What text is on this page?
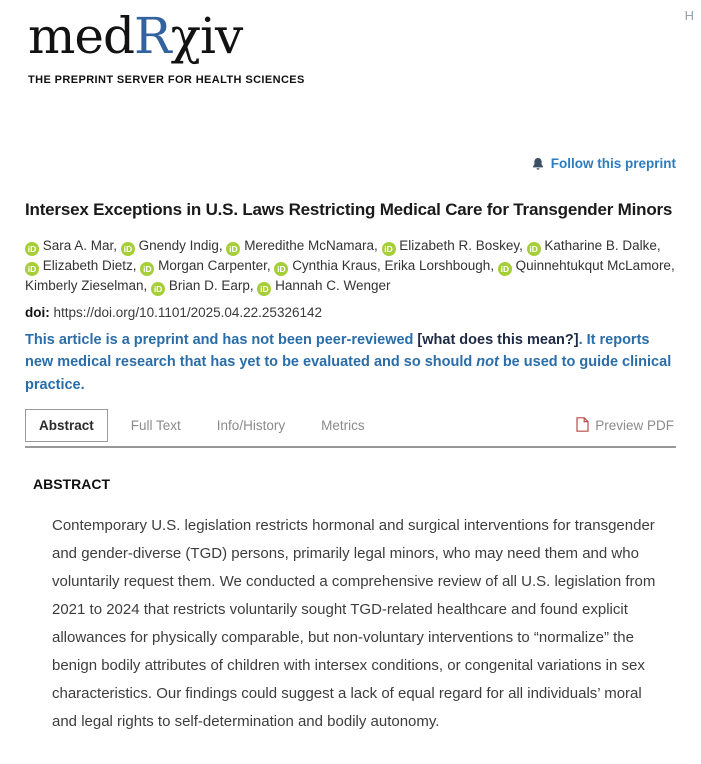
H
medRχiv
THE PREPRINT SERVER FOR HEALTH SCIENCES
Follow this preprint
Intersex Exceptions in U.S. Laws Restricting Medical Care for Transgender Minors

iD Sara A. Mar, iD Gnendy Indig, iD Meredithe McNamara, iD Elizabeth R. Boskey, iD Katharine B. Dalke, iD Elizabeth Dietz, iD Morgan Carpenter, iD Cynthia Kraus, Erika Lorshbough, iD Quinnehtukqut McLamore, Kimberly Zieselman, iD Brian D. Earp, iD Hannah C. Wenger

doi: https://doi.org/10.1101/2025.04.22.25326142

This article is a preprint and has not been peer-reviewed [what does this mean?]. It reports new medical research that has yet to be evaluated and so should not be used to guide clinical practice.

Abstract	Full Text	Info/History	Metrics	Preview PDF
ABSTRACT

Contemporary U.S. legislation restricts hormonal and surgical interventions for transgender and gender-diverse (TGD) persons, primarily legal minors, who may need them and who voluntarily request them. We conducted a comprehensive review of all U.S. legislation from 2021 to 2024 that restricts voluntarily sought TGD-related healthcare and found explicit allowances for physically comparable, but non-voluntary interventions to “normalize” the benign bodily attributes of children with intersex conditions, or congenital variations in sex characteristics. Our findings could suggest a lack of equal regard for all individuals’ moral and legal rights to self-determination and bodily autonomy.
